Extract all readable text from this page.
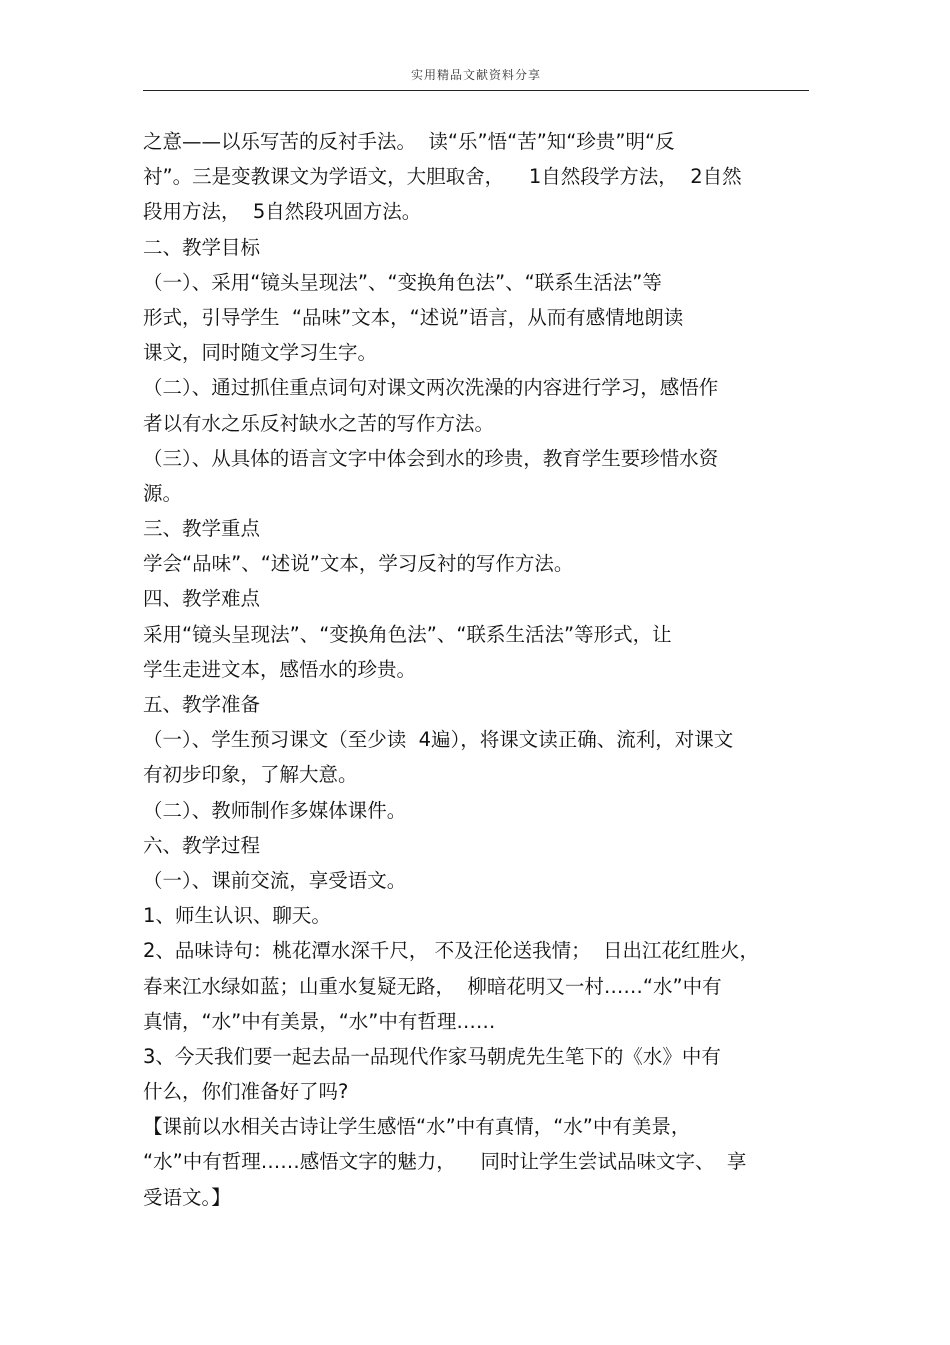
实用精品文献资料分享
之意——以乐写苦的反衬手法。  读“乐”悟“苦”知“珍贵”明“反
衬”。三是变教课文为学语文，大胆取舍，    1自然段学方法，  2自然
段用方法，  5自然段巩固方法。
二、教学目标
（一）、采用“镜头呈现法”、“变换角色法”、“联系生活法”等
形式，引导学生  “品味”文本，“述说”语言，从而有感情地朗读
课文，同时随文学习生字。
（二）、通过抓住重点词句对课文两次洗澡的内容进行学习，感悟作
者以有水之乐反衬缺水之苦的写作方法。
（三）、从具体的语言文字中体会到水的珍贵，教育学生要珍惜水资
源。
三、教学重点
学会“品味”、“述说”文本，学习反衬的写作方法。
四、教学难点
采用“镜头呈现法”、“变换角色法”、“联系生活法”等形式，让
学生走进文本，感悟水的珍贵。
五、教学准备
（一）、学生预习课文（至少读  4遍），将课文读正确、流利，对课文
有初步印象，了解大意。
（二）、教师制作多媒体课件。
六、教学过程
（一）、课前交流，享受语文。
1、师生认识、聊天。
2、品味诗句：桃花潭水深千尺， 不及汪伦送我情；  日出江花红胜火，
春来江水绿如蓝；山重水复疑无路，  柳暗花明又一村……“水”中有
真情，“水”中有美景，“水”中有哲理……
3、今天我们要一起去品一品现代作家马朝虎先生笔下的《水》中有
什么，你们准备好了吗?
【课前以水相关古诗让学生感悟“水”中有真情，“水”中有美景，
“水”中有哲理……感悟文字的魅力，    同时让学生尝试品味文字、  享
受语文。】
